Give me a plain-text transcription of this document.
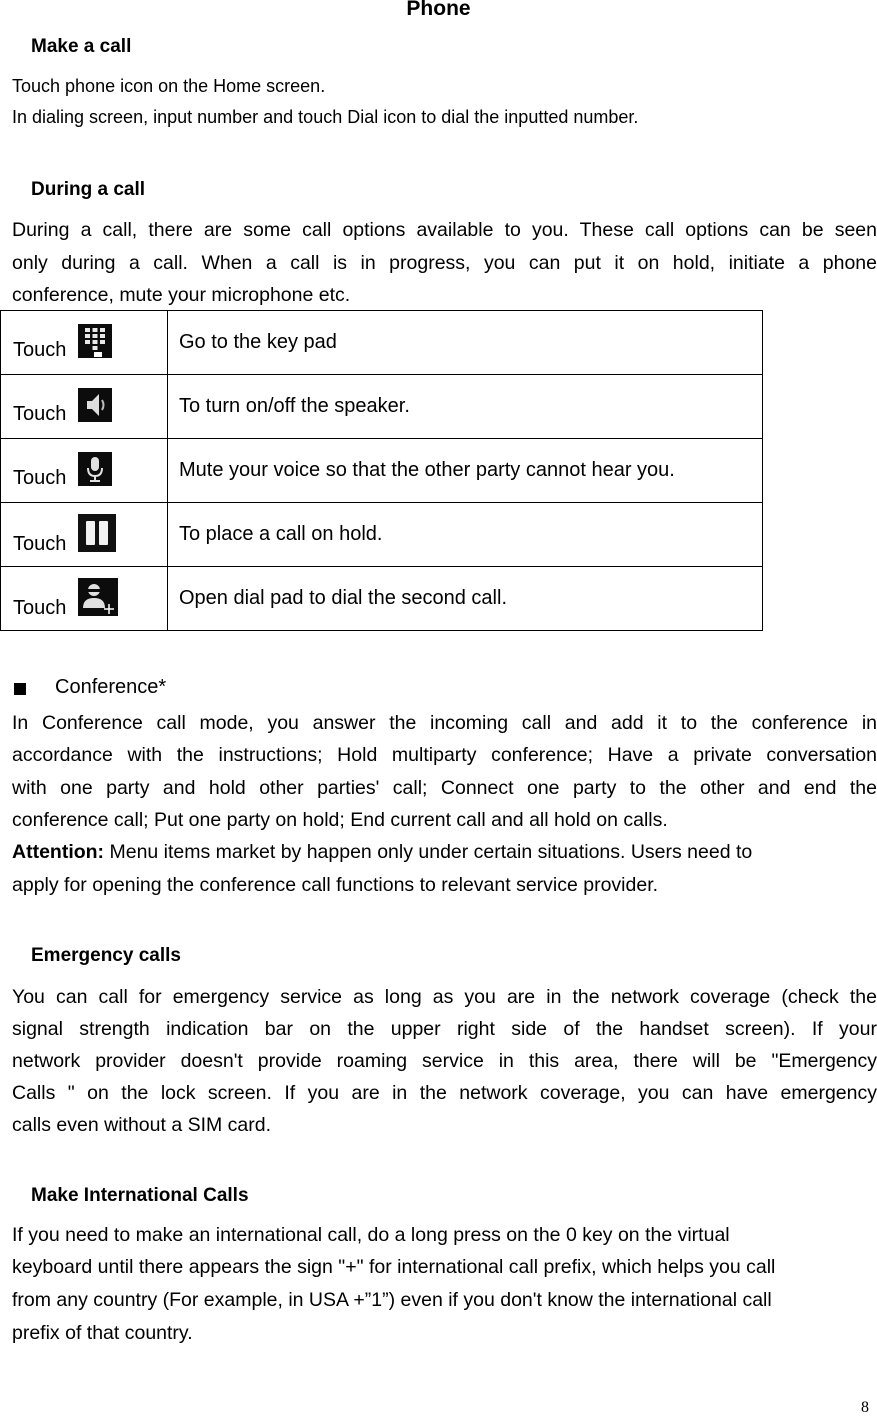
Phone
Make a call
Touch phone icon on the Home screen.
In dialing screen, input number and touch Dial icon to dial the inputted number.
During a call
During a call, there are some call options available to you. These call options can be seen
only during a call. When a call is in progress, you can put it on hold, initiate a phone
conference, mute your microphone etc.
Touch	Go to the key pad
Touch	To turn on/off the speaker.
Touch	Mute your voice so that the other party cannot hear you.
Touch	To place a call on hold.
Touch	Open dial pad to dial the second call.
Conference*
In Conference call mode, you answer the incoming call and add it to the conference in
accordance with the instructions; Hold multiparty conference; Have a private conversation
with one party and hold other parties' call; Connect one party to the other and end the
conference call; Put one party on hold; End current call and all hold on calls.
Attention: Menu items market by happen only under certain situations. Users need to
apply for opening the conference call functions to relevant service provider.
Emergency calls
You can call for emergency service as long as you are in the network coverage (check the
signal strength indication bar on the upper right side of the handset screen). If your
network provider doesn't provide roaming service in this area, there will be "Emergency
Calls " on the lock screen. If you are in the network coverage, you can have emergency
calls even without a SIM card.
Make International Calls
If you need to make an international call, do a long press on the 0 key on the virtual
keyboard until there appears the sign "+" for international call prefix, which helps you call
from any country (For example, in USA +”1”) even if you don't know the international call
prefix of that country.
8
